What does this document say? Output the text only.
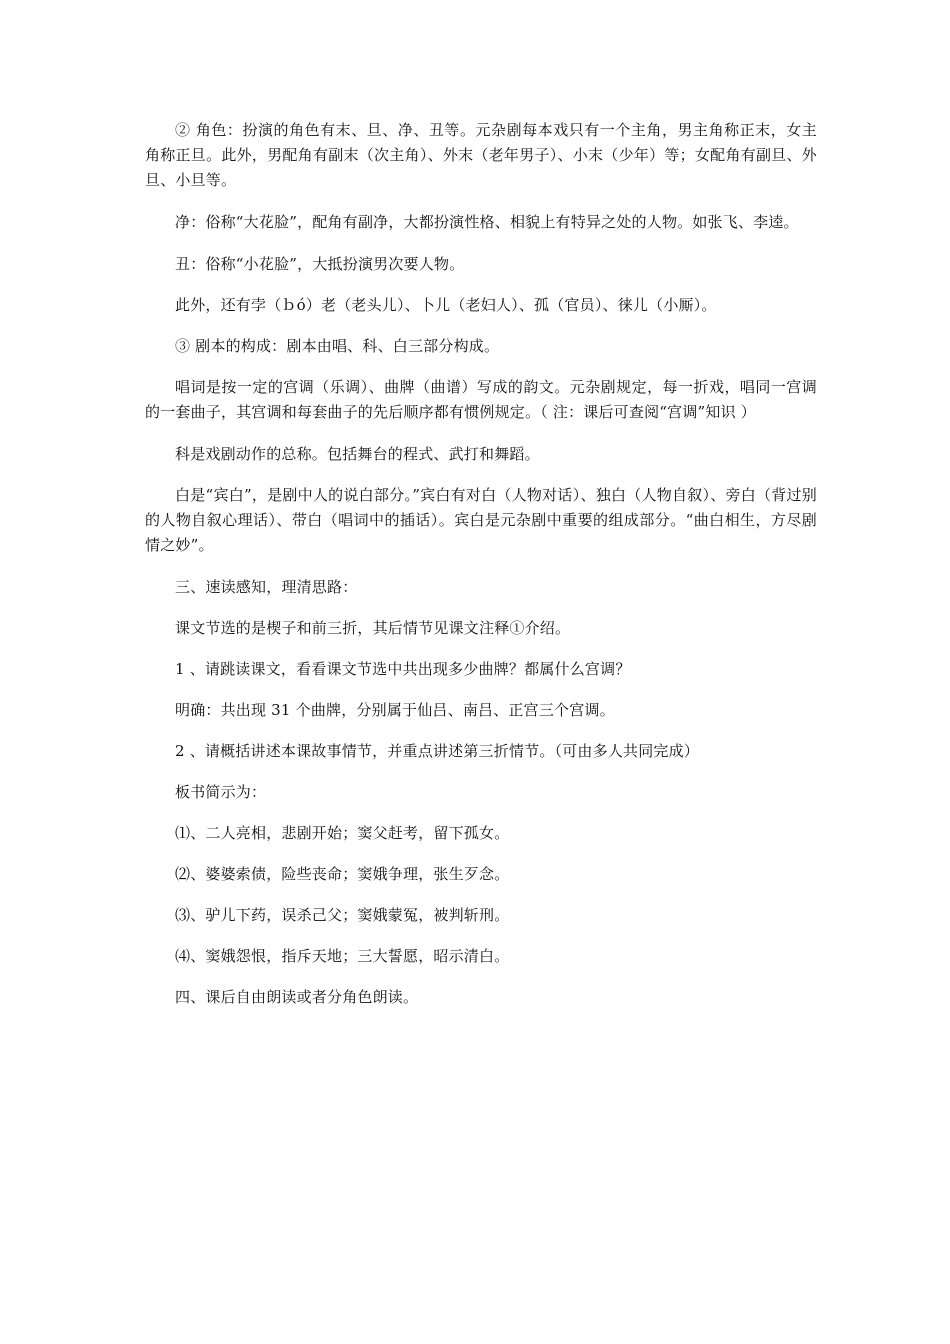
② 角色：扮演的角色有末、旦、净、丑等。元杂剧每本戏只有一个主角，男主角称正末，女主角称正旦。此外，男配角有副末（次主角）、外末（老年男子）、小末（少年）等；女配角有副旦、外旦、小旦等。

净：俗称“大花脸”，配角有副净，大都扮演性格、相貌上有特异之处的人物。如张飞、李逵。

丑：俗称“小花脸”，大抵扮演男次要人物。

此外，还有孛（ｂó）老（老头儿）、卜儿（老妇人）、孤（官员）、徕儿（小厮）。

③ 剧本的构成：剧本由唱、科、白三部分构成。

唱词是按一定的宫调（乐调）、曲牌（曲谱）写成的韵文。元杂剧规定，每一折戏，唱同一宫调的一套曲子，其宫调和每套曲子的先后顺序都有惯例规定。（ 注：课后可查阅“宫调”知识 ）

科是戏剧动作的总称。包括舞台的程式、武打和舞蹈。

白是“宾白”，是剧中人的说白部分。”宾白有对白（人物对话）、独白（人物自叙）、旁白（背过别的人物自叙心理话）、带白（唱词中的插话）。宾白是元杂剧中重要的组成部分。“曲白相生，方尽剧情之妙”。

三、速读感知，理清思路：

课文节选的是楔子和前三折，其后情节见课文注释①介绍。

1 、请跳读课文，看看课文节选中共出现多少曲牌？都属什么宫调？

明确：共出现 31 个曲牌，分别属于仙吕、南吕、正宫三个宫调。

2 、请概括讲述本课故事情节，并重点讲述第三折情节。（可由多人共同完成）

板书简示为：

⑴、二人亮相，悲剧开始；窦父赶考，留下孤女。

⑵、婆婆索债，险些丧命；窦娥争理，张生歹念。

⑶、驴儿下药，误杀己父；窦娥蒙冤，被判斩刑。

⑷、窦娥怨恨，指斥天地；三大誓愿，昭示清白。

四、课后自由朗读或者分角色朗读。
